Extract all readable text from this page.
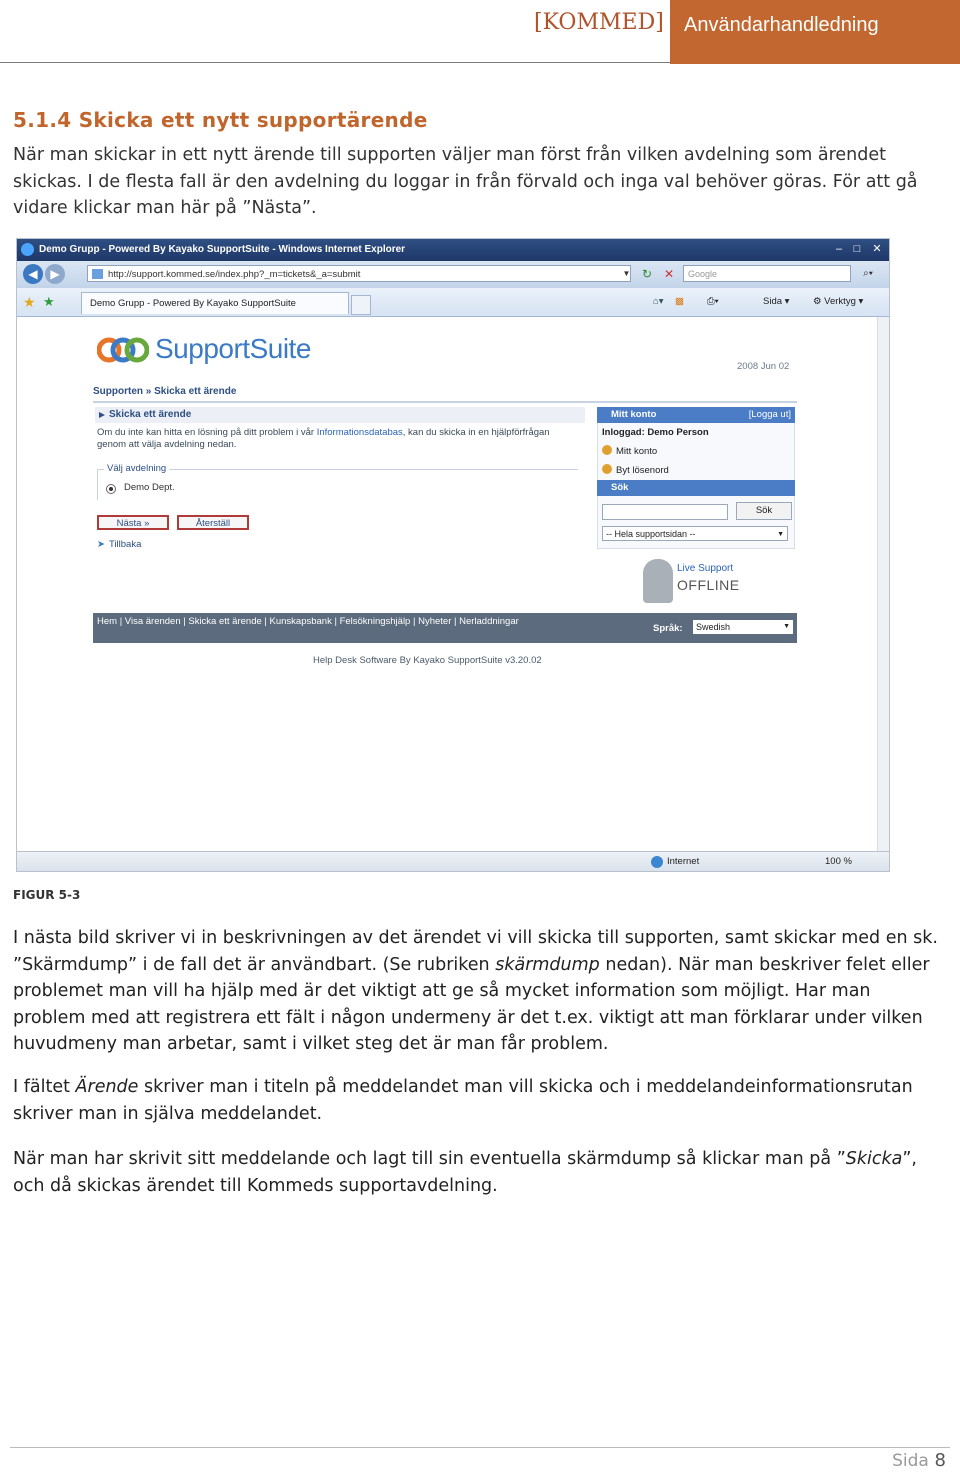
[KOMMED] Användarhandledning
5.1.4 Skicka ett nytt supportärende

När man skickar in ett nytt ärende till supporten väljer man först från vilken avdelning som ärendet skickas. I de flesta fall är den avdelning du loggar in från förvald och inga val behöver göras. För att gå vidare klickar man här på ”Nästa”.

Demo Grupp - Powered By Kayako SupportSuite - Windows Internet Explorer	–	□	✕
◀	▶	http://support.kommed.se/index.php?_m=tickets&_a=submit	▼ ↻ ✕	Google	⌕▾
★ ★	Demo Grupp - Powered By Kayako SupportSuite	⌂▾ ▩ ⎙▾	Sida ▾ ⚙ Verktyg ▾
SupportSuite
2008 Jun 02
Supporten » Skicka ett ärende
Skicka ett ärende
Om du inte kan hitta en lösning på ditt problem i vår Informationsdatabas, kan du skicka in en hjälpförfrågan genom att välja avdelning nedan.
Välj avdelning
Demo Dept.
Nästa »	Återställ
➤ Tillbaka
Mitt konto	[Logga ut]
Inloggad: Demo Person
Mitt konto
Byt lösenord
Sök
Sök
-- Hela supportsidan --	▼
Live Support
OFFLINE
Hem | Visa ärenden | Skicka ett ärende | Kunskapsbank | Felsökningshjälp | Nyheter | Nerladdningar
Språk:	Swedish	▼
Help Desk Software By Kayako SupportSuite v3.20.02
Internet	100 %
FIGUR 5-3

I nästa bild skriver vi in beskrivningen av det ärendet vi vill skicka till supporten, samt skickar med en sk. ”Skärmdump” i de fall det är användbart. (Se rubriken skärmdump nedan). När man beskriver felet eller problemet man vill ha hjälp med är det viktigt att ge så mycket information som möjligt. Har man problem med att registrera ett fält i någon undermeny är det t.ex. viktigt att man förklarar under vilken huvudmeny man arbetar, samt i vilket steg det är man får problem.

I fältet Ärende skriver man i titeln på meddelandet man vill skicka och i meddelandeinformationsrutan skriver man in själva meddelandet.

När man har skrivit sitt meddelande och lagt till sin eventuella skärmdump så klickar man på ”Skicka”, och då skickas ärendet till Kommeds supportavdelning.

Sida 8
